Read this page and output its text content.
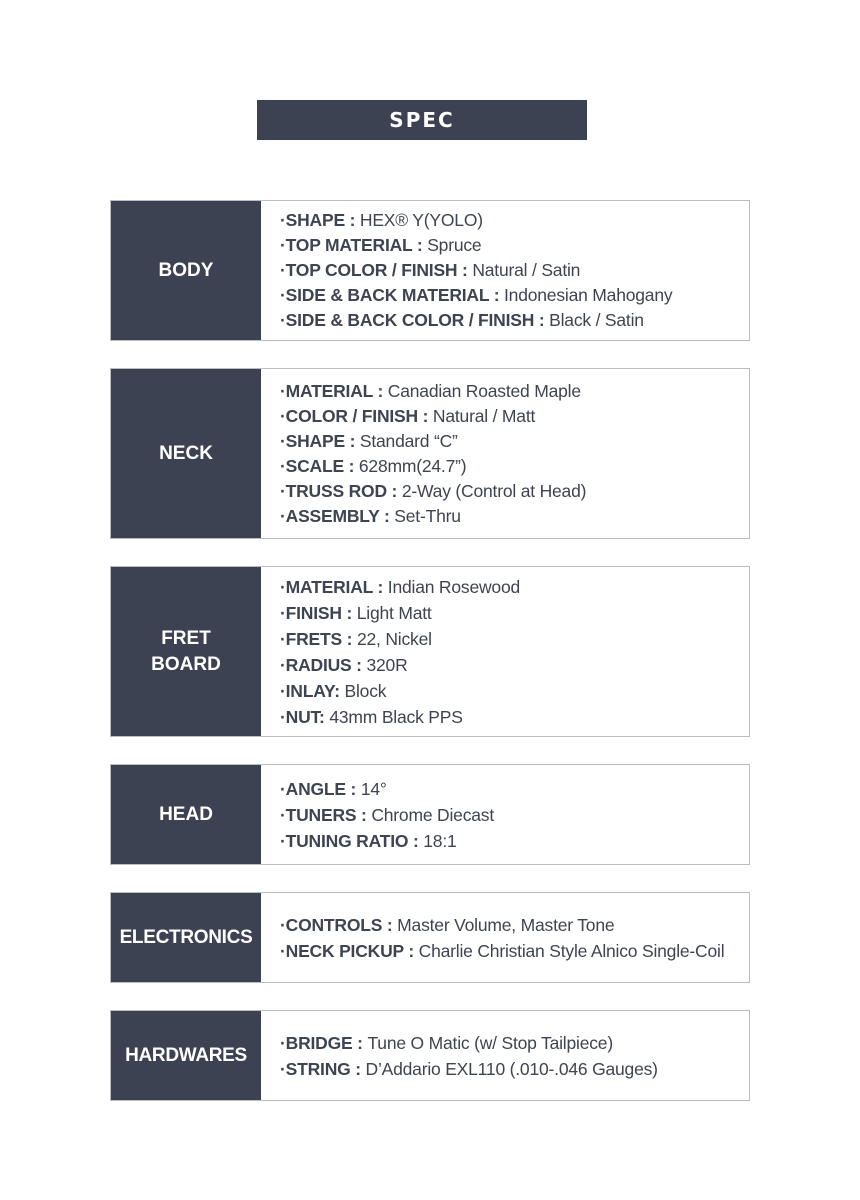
SPEC
BODY
·SHAPE : HEX® Y(YOLO)
·TOP MATERIAL : Spruce
·TOP COLOR / FINISH : Natural / Satin
·SIDE & BACK MATERIAL : Indonesian Mahogany
·SIDE & BACK COLOR / FINISH : Black / Satin
NECK
·MATERIAL : Canadian Roasted Maple
·COLOR / FINISH : Natural / Matt
·SHAPE : Standard “C”
·SCALE : 628mm(24.7”)
·TRUSS ROD : 2-Way (Control at Head)
·ASSEMBLY : Set-Thru
FRET
BOARD
·MATERIAL : Indian Rosewood
·FINISH : Light Matt
·FRETS : 22, Nickel
·RADIUS : 320R
·INLAY: Block
·NUT: 43mm Black PPS
HEAD
·ANGLE : 14°
·TUNERS : Chrome Diecast
·TUNING RATIO : 18:1
ELECTRONICS
·CONTROLS : Master Volume, Master Tone
·NECK PICKUP : Charlie Christian Style Alnico Single-Coil
HARDWARES
·BRIDGE : Tune O Matic (w/ Stop Tailpiece)
·STRING : D’Addario EXL110 (.010-.046 Gauges)
